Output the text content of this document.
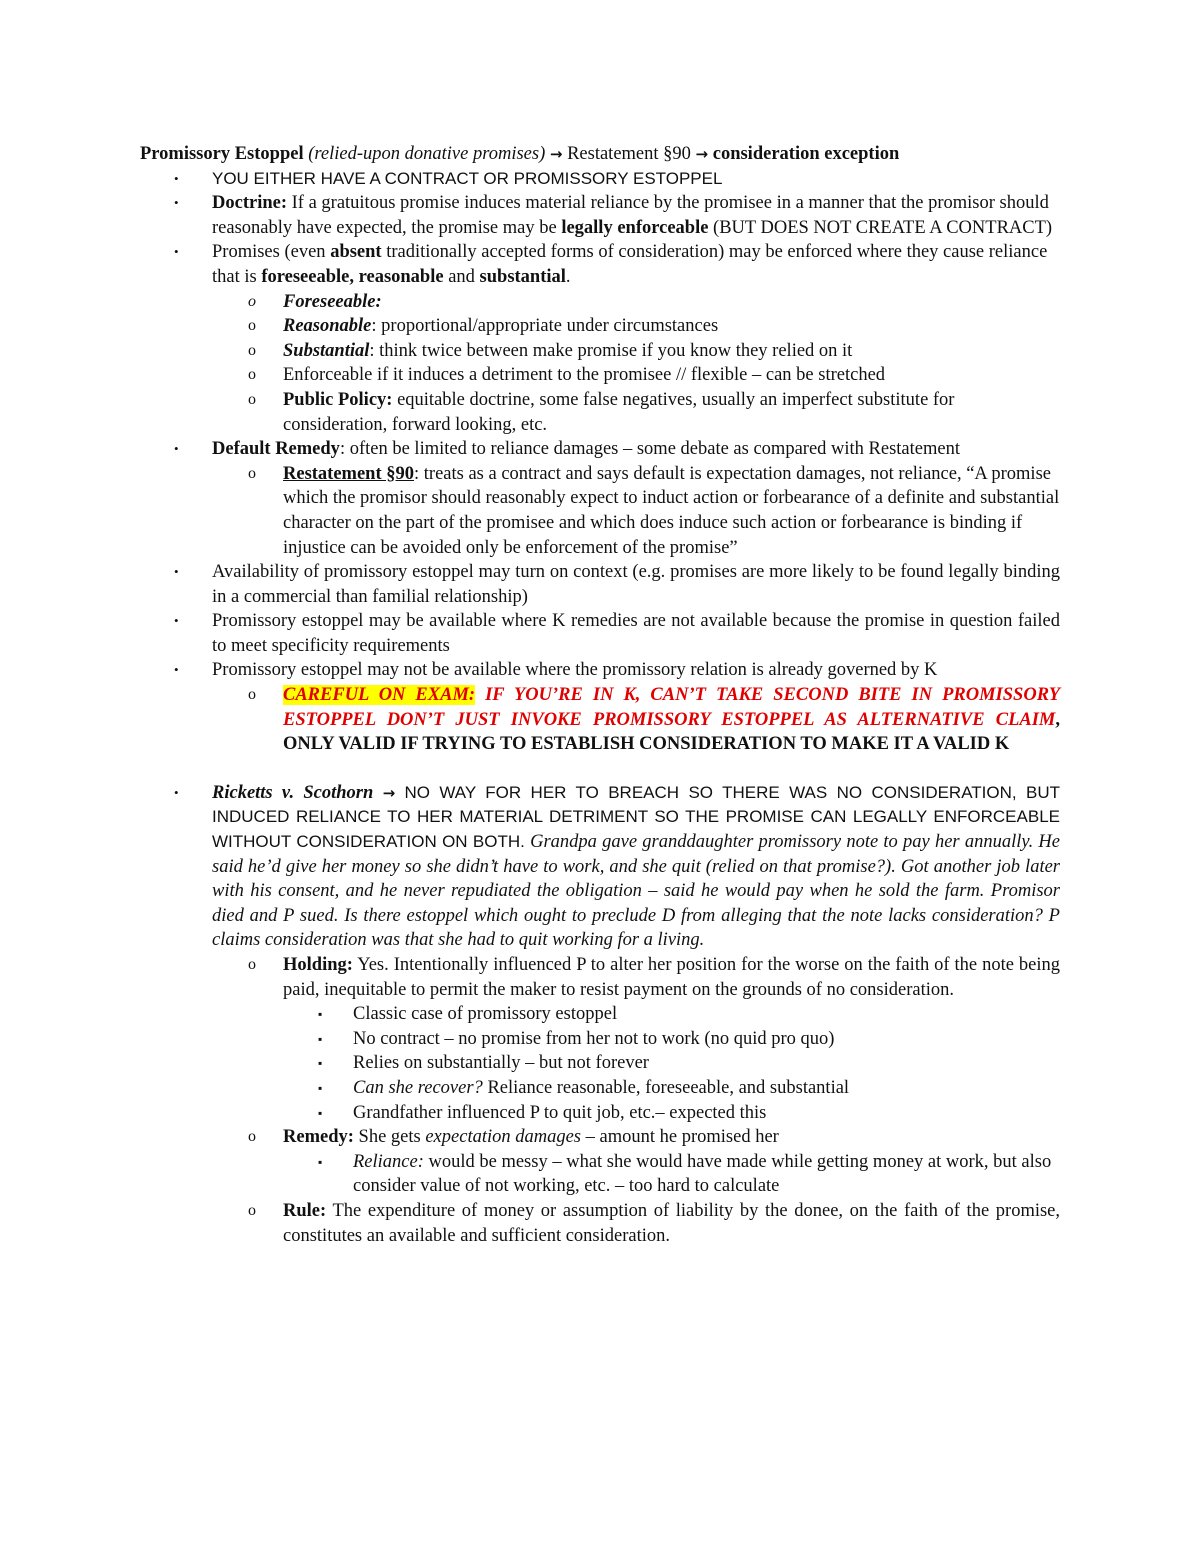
Promissory Estoppel (relied-upon donative promises) → Restatement §90 → consideration exception

•	YOU EITHER HAVE A CONTRACT OR PROMISSORY ESTOPPEL
•	Doctrine: If a gratuitous promise induces material reliance by the promisee in a manner that the promisor should reasonably have expected, the promise may be legally enforceable (BUT DOES NOT CREATE A CONTRACT)
•	Promises (even absent traditionally accepted forms of consideration) may be enforced where they cause reliance that is foreseeable, reasonable and substantial.
o Foreseeable:
o Reasonable: proportional/appropriate under circumstances
o Substantial: think twice between make promise if you know they relied on it
o Enforceable if it induces a detriment to the promisee // flexible – can be stretched
o Public Policy: equitable doctrine, some false negatives, usually an imperfect substitute for consideration, forward looking, etc.
•	Default Remedy: often be limited to reliance damages – some debate as compared with Restatement
o Restatement §90: treats as a contract and says default is expectation damages, not reliance, “A promise which the promisor should reasonably expect to induct action or forbearance of a definite and substantial character on the part of the promisee and which does induce such action or forbearance is binding if injustice can be avoided only be enforcement of the promise”
•	Availability of promissory estoppel may turn on context (e.g. promises are more likely to be found legally binding in a commercial than familial relationship)
•	Promissory estoppel may be available where K remedies are not available because the promise in question failed to meet specificity requirements
•	Promissory estoppel may not be available where the promissory relation is already governed by K
o CAREFUL ON EXAM: IF YOU’RE IN K, CAN’T TAKE SECOND BITE IN PROMISSORY ESTOPPEL DON’T JUST INVOKE PROMISSORY ESTOPPEL AS ALTERNATIVE CLAIM, ONLY VALID IF TRYING TO ESTABLISH CONSIDERATION TO MAKE IT A VALID K
•	Ricketts v. Scothorn → NO WAY FOR HER TO BREACH SO THERE WAS NO CONSIDERATION, BUT INDUCED RELIANCE TO HER MATERIAL DETRIMENT SO THE PROMISE CAN LEGALLY ENFORCEABLE WITHOUT CONSIDERATION ON BOTH. Grandpa gave granddaughter promissory note to pay her annually. He said he’d give her money so she didn’t have to work, and she quit (relied on that promise?). Got another job later with his consent, and he never repudiated the obligation – said he would pay when he sold the farm. Promisor died and P sued. Is there estoppel which ought to preclude D from alleging that the note lacks consideration? P claims consideration was that she had to quit working for a living.
o Holding: Yes. Intentionally influenced P to alter her position for the worse on the faith of the note being paid, inequitable to permit the maker to resist payment on the grounds of no consideration.
▪ Classic case of promissory estoppel
▪ No contract – no promise from her not to work (no quid pro quo)
▪ Relies on substantially – but not forever
▪ Can she recover? Reliance reasonable, foreseeable, and substantial
▪ Grandfather influenced P to quit job, etc.– expected this
o Remedy: She gets expectation damages – amount he promised her
▪ Reliance: would be messy – what she would have made while getting money at work, but also consider value of not working, etc. – too hard to calculate
o Rule: The expenditure of money or assumption of liability by the donee, on the faith of the promise, constitutes an available and sufficient consideration.
